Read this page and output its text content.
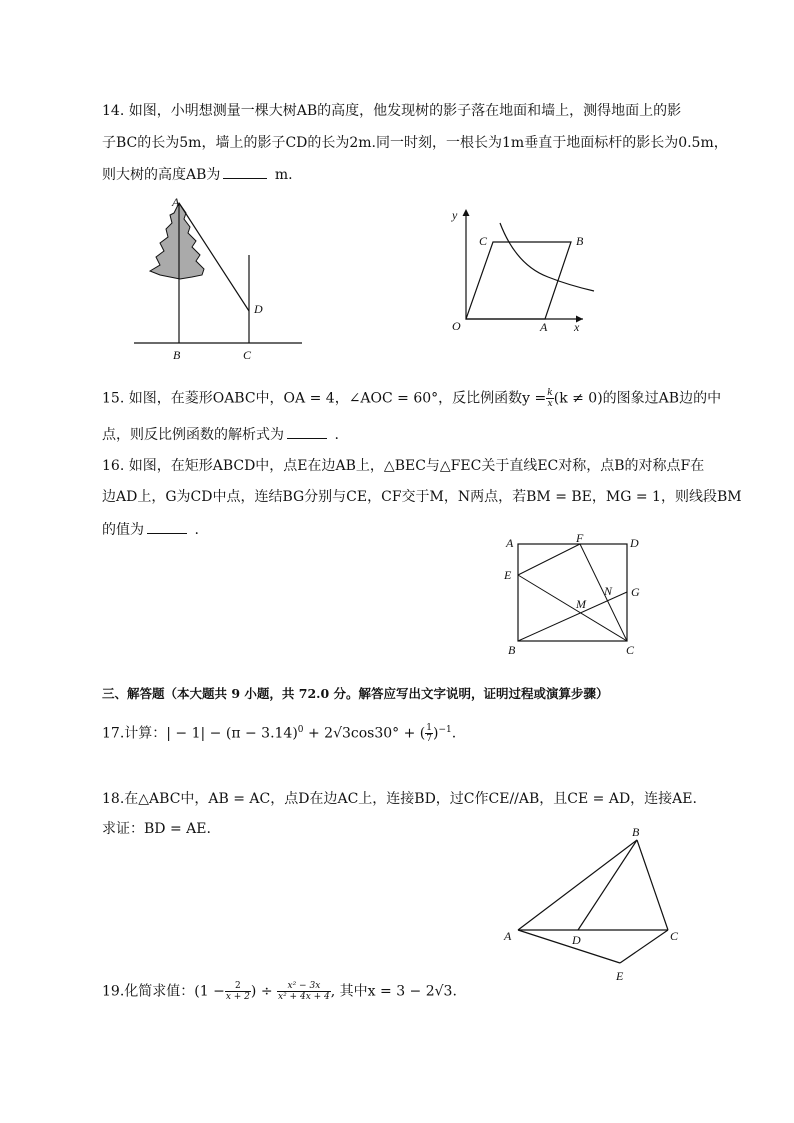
14. 如图，小明想测量一棵大树AB的高度，他发现树的影子落在地面和墙上，测得地面上的影
子BC的长为5m，墙上的影子CD的长为2m.同一时刻，一根长为1m垂直于地面标杆的影长为0.5m，
则大树的高度AB为	m.
A
B	C
D
O	A
B
C
x
y
15. 如图，在菱形OABC中，OA = 4，∠AOC = 60°，反比例函数$y = \frac{k}{x} (k \ne 0)$的图象过AB边的中
点，则反比例函数的解析式为	.
16. 如图，在矩形ABCD中，点E在边AB上，△BEC与△FEC关于直线EC对称，点B的对称点F在
边AD上，G为CD中点，连结BG分别与CE，CF交于M，N两点，若BM = BE，MG = 1，则线段BM
的值为	.
A	F	D
E
N G
M
B	C
三、解答题（本大题共 9 小题，共 72.0 分。解答应写出文字说明，证明过程或演算步骤）
17.计算：| − $1| - (\pi - 3.14)^0 + 2√3\cos 30^\circ$ + ( $\frac{1}{7} )^{-1}$.
18.在△ABC中，AB = AC，点D在边AC上，连接BD，过C作CE//AB，且CE = AD，连接AE.
求证：BD = AE.
A
B
C
D
E
19.化简求值：($1 - \frac{2}{x + 2}$ ) ÷ $\frac{\text{x² − 3x}}{\text{x² + 4x + 4}}$ , 其中x = 3 − 2√3.
